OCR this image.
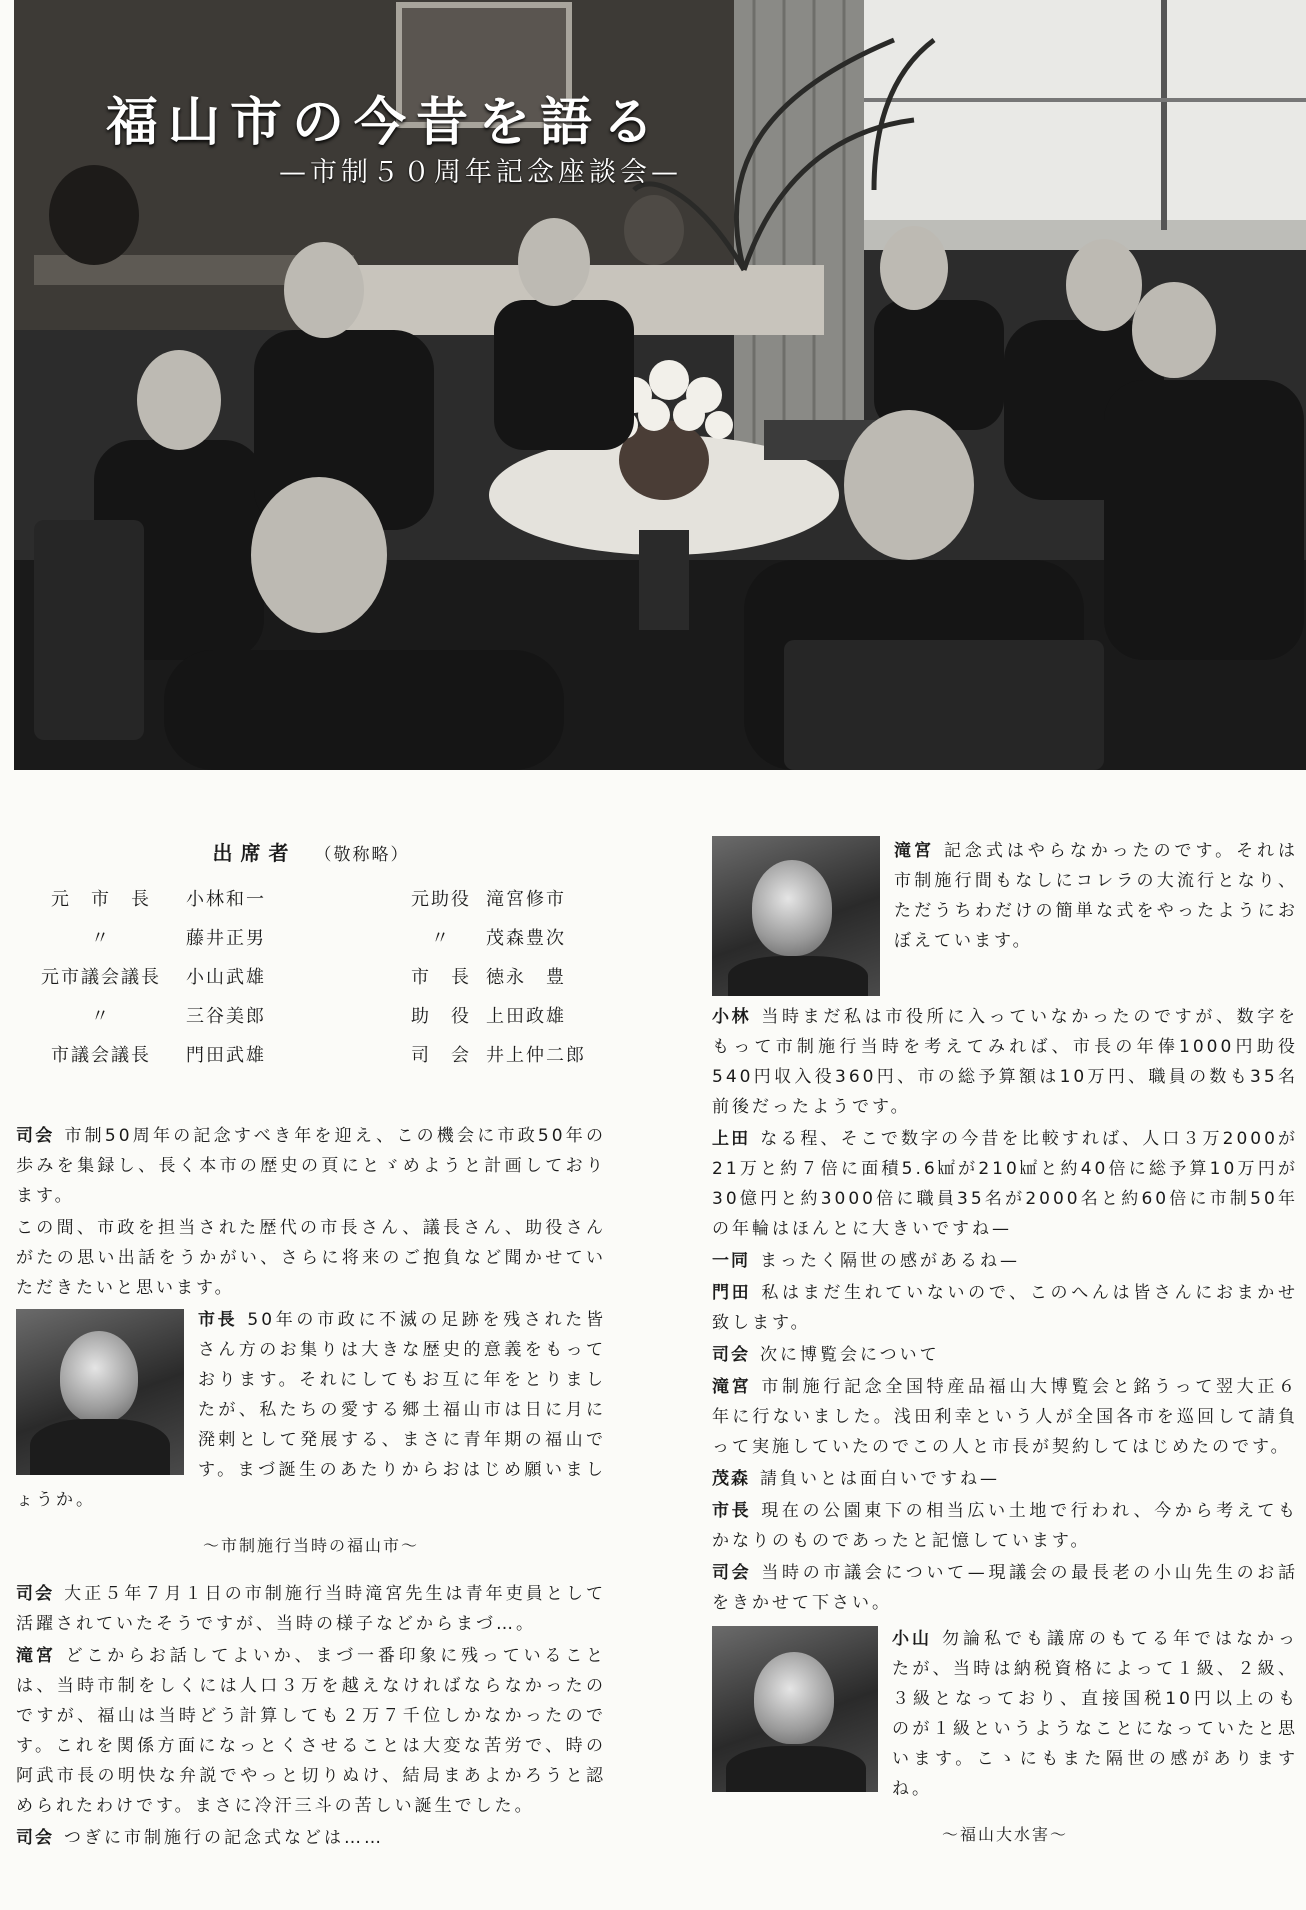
福山市の今昔を語る
—市制５０周年記念座談会—
出席者 （敬称略）
元　市　長	小林和一	元助役	滝宮修市
〃	藤井正男	〃	茂森豊次
元市議会議長	小山武雄	市　長	徳永　豊
〃	三谷美郎	助　役	上田政雄
市議会議長	門田武雄	司　会	井上仲二郎

司会 市制50周年の記念すべき年を迎え、この機会に市政50年の歩みを集録し、長く本市の歴史の頁にとゞめようと計画しております。

この間、市政を担当された歴代の市長さん、議長さん、助役さんがたの思い出話をうかがい、さらに将来のご抱負など聞かせていただきたいと思います。

市長 50年の市政に不滅の足跡を残された皆さん方のお集りは大きな歴史的意義をもっております。それにしてもお互に年をとりましたが、私たちの愛する郷土福山市は日に月に溌剌として発展する、まさに青年期の福山です。まづ誕生のあたりからおはじめ願いましょうか。

～市制施行当時の福山市～

司会 大正５年７月１日の市制施行当時滝宮先生は青年吏員として活躍されていたそうですが、当時の様子などからまづ…。

滝宮 どこからお話してよいか、まづ一番印象に残っていることは、当時市制をしくには人口３万を越えなければならなかったのですが、福山は当時どう計算しても２万７千位しかなかったのです。これを関係方面になっとくさせることは大変な苦労で、時の阿武市長の明快な弁説でやっと切りぬけ、結局まあよかろうと認められたわけです。まさに冷汗三斗の苦しい誕生でした。

司会 つぎに市制施行の記念式などは……

滝宮 記念式はやらなかったのです。それは市制施行間もなしにコレラの大流行となり、ただうちわだけの簡単な式をやったようにおぼえています。

小林 当時まだ私は市役所に入っていなかったのですが、数字をもって市制施行当時を考えてみれば、市長の年俸1000円助役540円収入役360円、市の総予算額は10万円、職員の数も35名前後だったようです。

上田 なる程、そこで数字の今昔を比較すれば、人口３万2000が21万と約７倍に面積5.6㎢が210㎢と約40倍に総予算10万円が30億円と約3000倍に職員35名が2000名と約60倍に市制50年の年輪はほんとに大きいですね—

一同 まったく隔世の感があるね—

門田 私はまだ生れていないので、このへんは皆さんにおまかせ致します。

司会 次に博覧会について

滝宮 市制施行記念全国特産品福山大博覧会と銘うって翌大正６年に行ないました。浅田利幸という人が全国各市を巡回して請負って実施していたのでこの人と市長が契約してはじめたのです。

茂森 請負いとは面白いですね—

市長 現在の公園東下の相当広い土地で行われ、今から考えてもかなりのものであったと記憶しています。

司会 当時の市議会について—現議会の最長老の小山先生のお話をきかせて下さい。

小山 勿論私でも議席のもてる年ではなかったが、当時は納税資格によって１級、２級、３級となっており、直接国税10円以上のものが１級というようなことになっていたと思います。こゝにもまた隔世の感がありますね。

～福山大水害～
